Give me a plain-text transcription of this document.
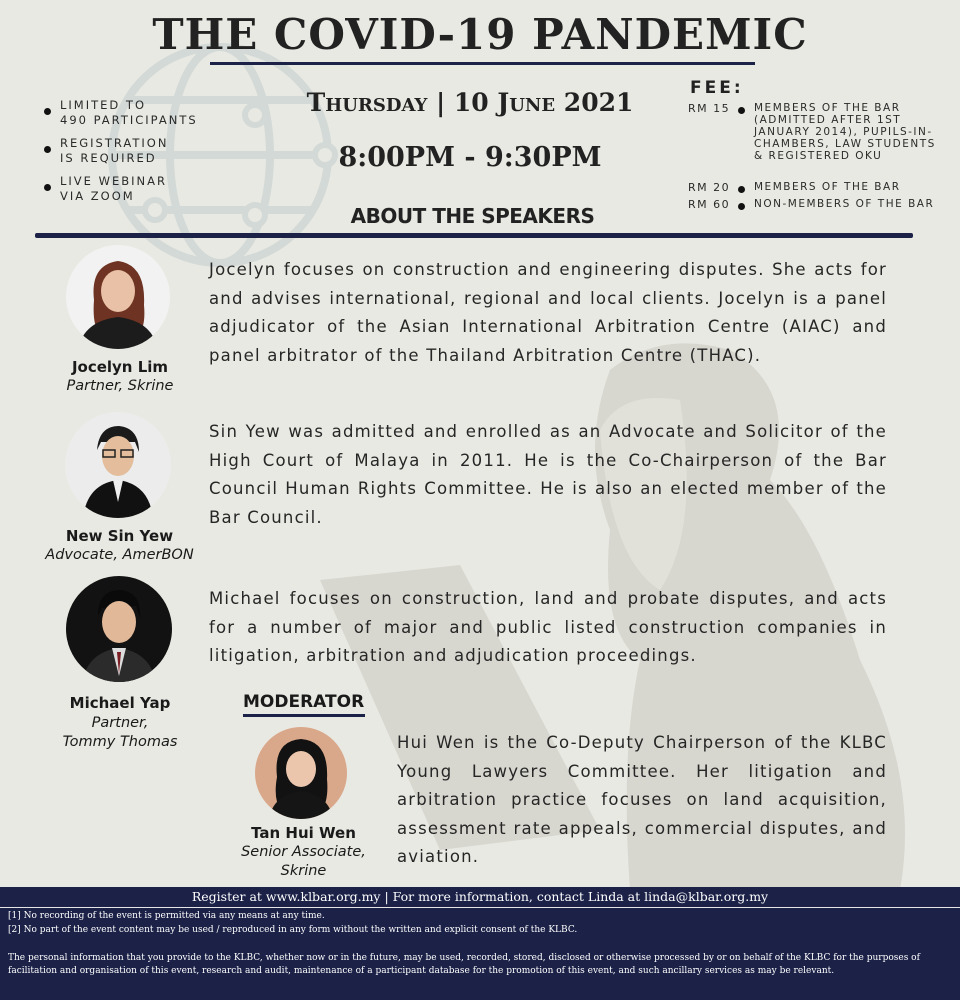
THE COVID-19 PANDEMIC
LIMITED TO
490 PARTICIPANTS
REGISTRATION
IS REQUIRED
LIVE WEBINAR
VIA ZOOM
Thursday | 10 June 2021
8:00PM - 9:30PM
ABOUT THE SPEAKERS
FEE:
RM 15 MEMBERS OF THE BAR (ADMITTED AFTER 1ST JANUARY 2014), PUPILS-IN-CHAMBERS, LAW STUDENTS & REGISTERED OKU
RM 20 MEMBERS OF THE BAR
RM 60 NON-MEMBERS OF THE BAR
Jocelyn Lim
Partner, Skrine
Jocelyn focuses on construction and engineering disputes. She acts for and advises international, regional and local clients. Jocelyn is a panel adjudicator of the Asian International Arbitration Centre (AIAC) and panel arbitrator of the Thailand Arbitration Centre (THAC).
New Sin Yew
Advocate, AmerBON
Sin Yew was admitted and enrolled as an Advocate and Solicitor of the High Court of Malaya in 2011. He is the Co-Chairperson of the Bar Council Human Rights Committee. He is also an elected member of the Bar Council.
Michael Yap
Partner,
Tommy Thomas
Michael focuses on construction, land and probate disputes, and acts for a number of major and public listed construction companies in litigation, arbitration and adjudication proceedings.
MODERATOR
Tan Hui Wen
Senior Associate,
Skrine
Hui Wen is the Co-Deputy Chairperson of the KLBC Young Lawyers Committee. Her litigation and arbitration practice focuses on land acquisition, assessment rate appeals, commercial disputes, and aviation.
Register at www.klbar.org.my | For more information, contact Linda at linda@klbar.org.my
[1] No recording of the event is permitted via any means at any time.
[2] No part of the event content may be used / reproduced in any form without the written and explicit consent of the KLBC.
The personal information that you provide to the KLBC, whether now or in the future, may be used, recorded, stored, disclosed or otherwise processed by or on behalf of the KLBC for the purposes of facilitation and organisation of this event, research and audit, maintenance of a participant database for the promotion of this event, and such ancillary services as may be relevant.
